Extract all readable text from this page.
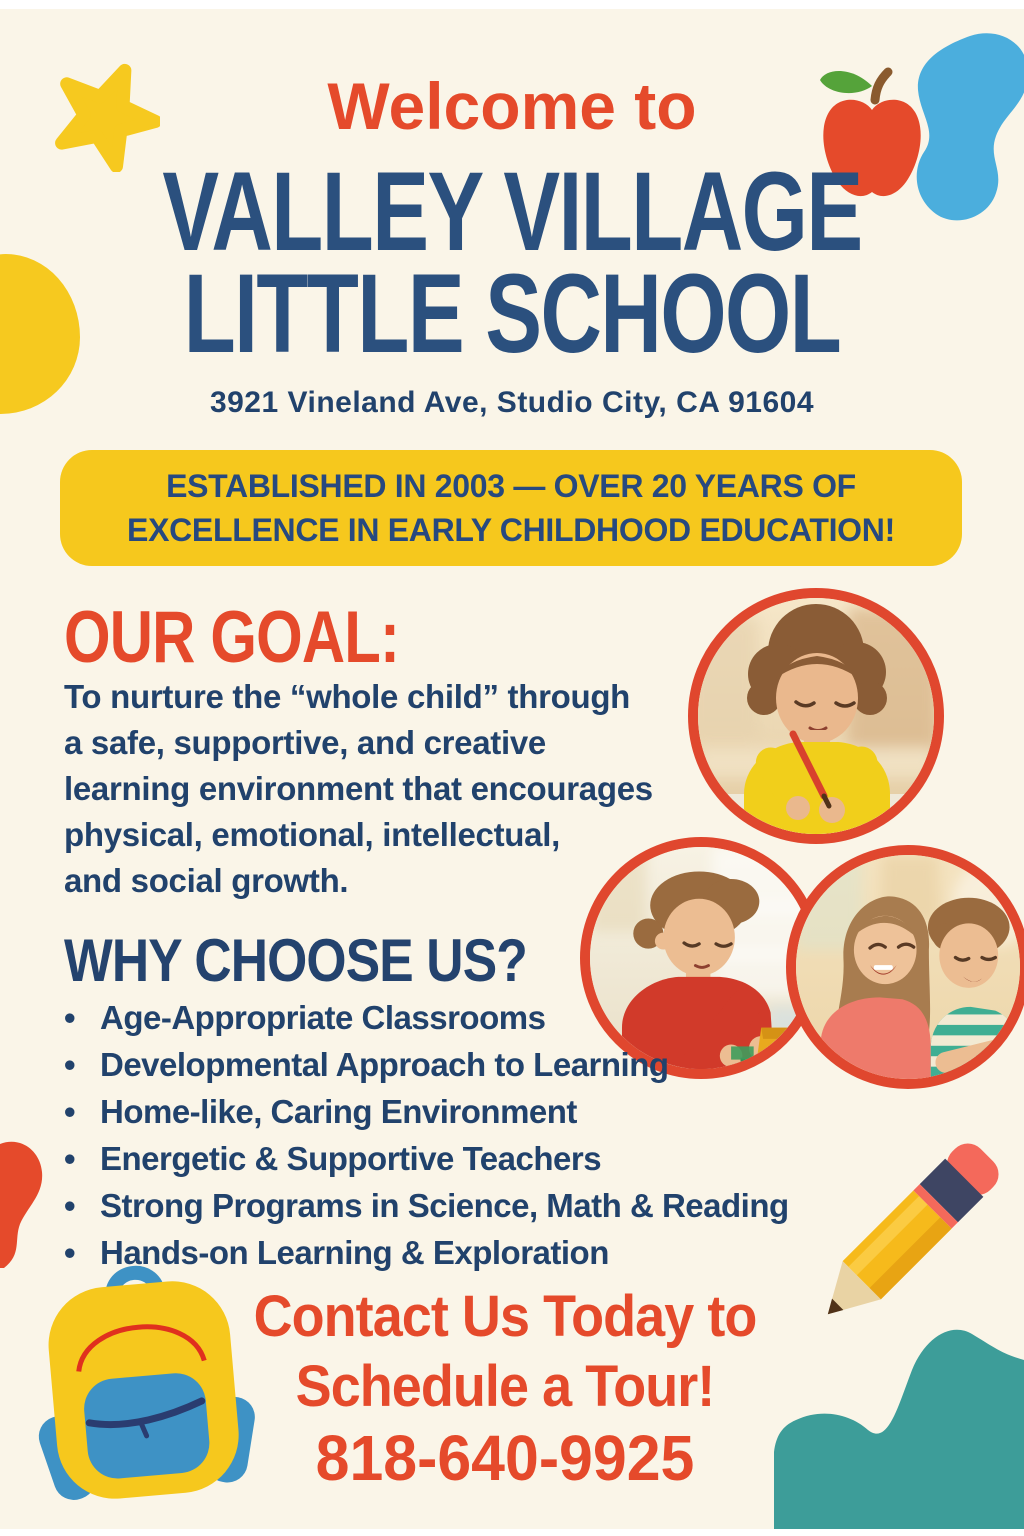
Welcome to
VALLEY VILLAGE
LITTLE SCHOOL
3921 Vineland Ave, Studio City, CA 91604
ESTABLISHED IN 2003 — OVER 20 YEARS OF
EXCELLENCE IN EARLY CHILDHOOD EDUCATION!
OUR GOAL:
To nurture the “whole child” through
a safe, supportive, and creative
learning environment that encourages
physical, emotional, intellectual,
and social growth.
WHY CHOOSE US?
• Age-Appropriate Classrooms
• Developmental Approach to Learning
• Home-like, Caring Environment
• Energetic & Supportive Teachers
• Strong Programs in Science, Math & Reading
• Hands-on Learning & Exploration
Contact Us Today to
Schedule a Tour!
818-640-9925
